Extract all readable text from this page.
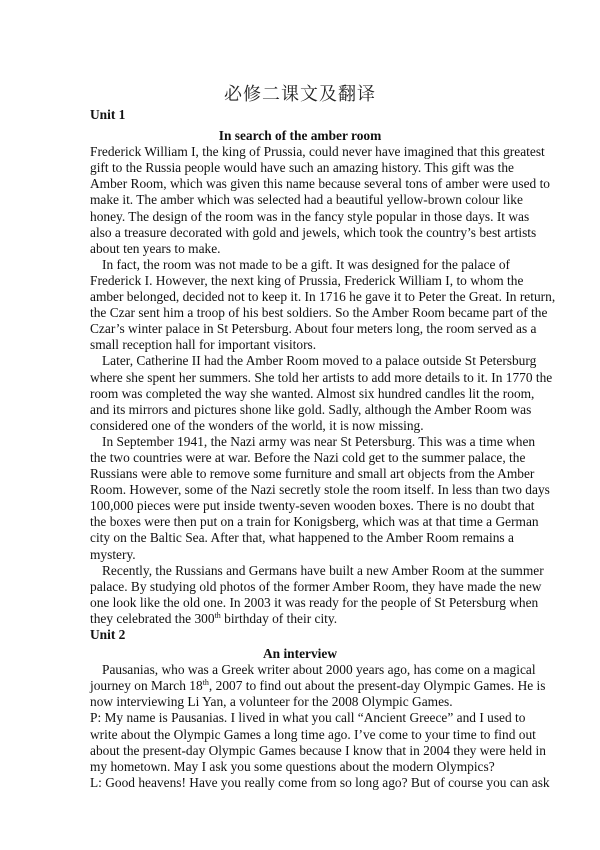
必修二课文及翻译
Unit 1
In search of the amber room
Frederick William I, the king of Prussia, could never have imagined that this greatest
gift to the Russia people would have such an amazing history. This gift was the
Amber Room, which was given this name because several tons of amber were used to
make it. The amber which was selected had a beautiful yellow-brown colour like
honey. The design of the room was in the fancy style popular in those days. It was
also a treasure decorated with gold and jewels, which took the country’s best artists
about ten years to make.
In fact, the room was not made to be a gift. It was designed for the palace of
Frederick I. However, the next king of Prussia, Frederick William I, to whom the
amber belonged, decided not to keep it. In 1716 he gave it to Peter the Great. In return,
the Czar sent him a troop of his best soldiers. So the Amber Room became part of the
Czar’s winter palace in St Petersburg. About four meters long, the room served as a
small reception hall for important visitors.
Later, Catherine II had the Amber Room moved to a palace outside St Petersburg
where she spent her summers. She told her artists to add more details to it. In 1770 the
room was completed the way she wanted. Almost six hundred candles lit the room,
and its mirrors and pictures shone like gold. Sadly, although the Amber Room was
considered one of the wonders of the world, it is now missing.
In September 1941, the Nazi army was near St Petersburg. This was a time when
the two countries were at war. Before the Nazi cold get to the summer palace, the
Russians were able to remove some furniture and small art objects from the Amber
Room. However, some of the Nazi secretly stole the room itself. In less than two days
100,000 pieces were put inside twenty-seven wooden boxes. There is no doubt that
the boxes were then put on a train for Konigsberg, which was at that time a German
city on the Baltic Sea. After that, what happened to the Amber Room remains a
mystery.
Recently, the Russians and Germans have built a new Amber Room at the summer
palace. By studying old photos of the former Amber Room, they have made the new
one look like the old one. In 2003 it was ready for the people of St Petersburg when
they celebrated the 300th birthday of their city.
Unit 2
An interview
Pausanias, who was a Greek writer about 2000 years ago, has come on a magical
journey on March 18th, 2007 to find out about the present-day Olympic Games. He is
now interviewing Li Yan, a volunteer for the 2008 Olympic Games.
P: My name is Pausanias. I lived in what you call “Ancient Greece” and I used to
write about the Olympic Games a long time ago. I’ve come to your time to find out
about the present-day Olympic Games because I know that in 2004 they were held in
my hometown. May I ask you some questions about the modern Olympics?
L: Good heavens! Have you really come from so long ago? But of course you can ask
